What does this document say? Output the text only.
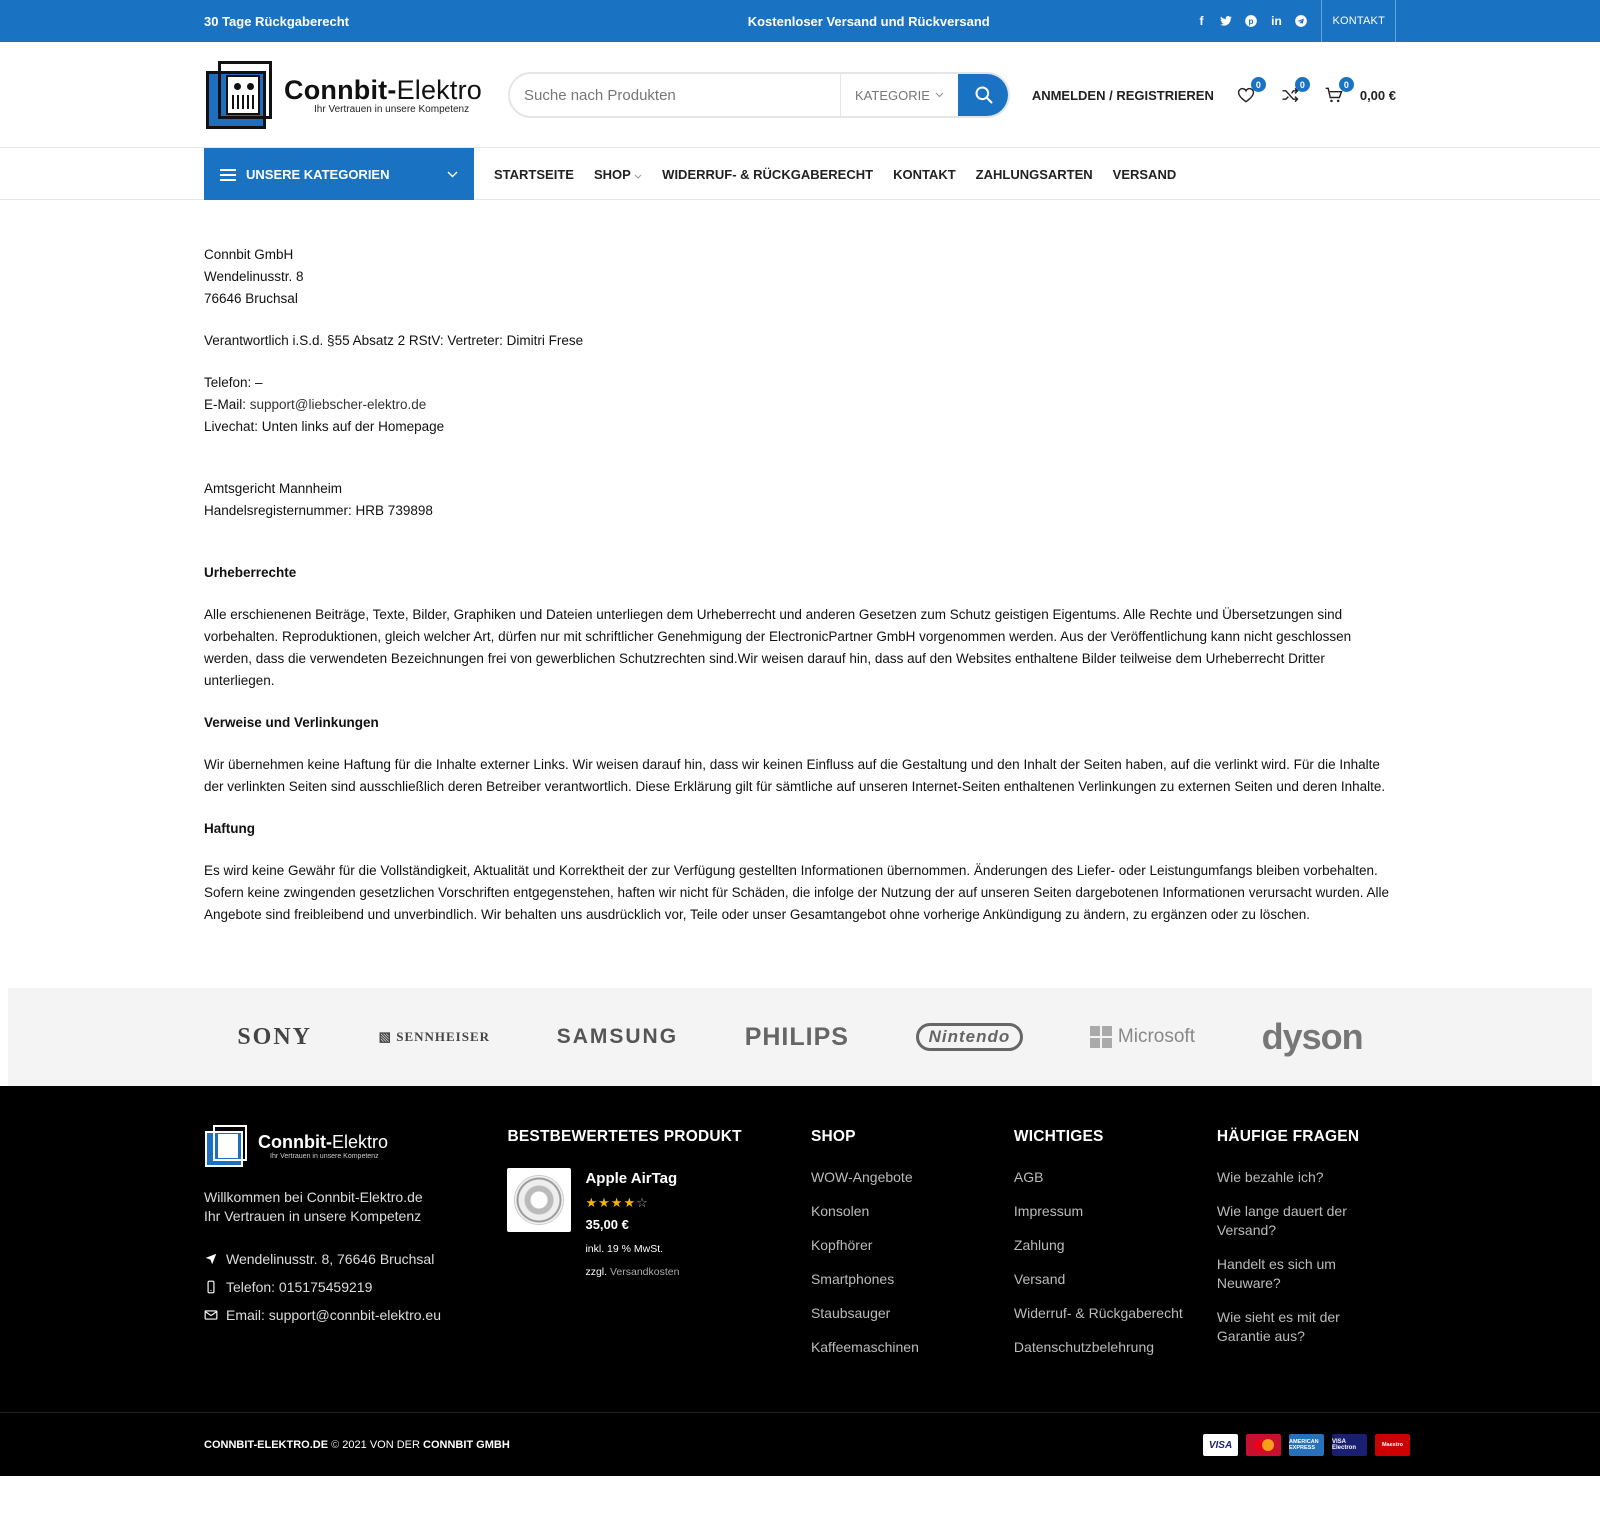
30 Tage Rückgaberecht	Kostenloser Versand und Rückversand	f	p in	KONTAKT
Connbit-Elektro
Ihr Vertrauen in unsere Kompetenz
Suche nach Produkten
KATEGORIE	ANMELDEN / REGISTRIEREN
0	0	0
0,00 €
UNSERE KATEGORIEN	STARTSEITE SHOP	WIDERRUF- & RÜCKGABERECHT KONTAKT ZAHLUNGSARTEN VERSAND

Connbit GmbH
Wendelinusstr. 8
76646 Bruchsal

Verantwortlich i.S.d. §55 Absatz 2 RStV: Vertreter: Dimitri Frese

Telefon: –
E-Mail: support@liebscher-elektro.de
Livechat: Unten links auf der Homepage

Amtsgericht Mannheim
Handelsregisternummer: HRB 739898

Urheberrechte

Alle erschienenen Beiträge, Texte, Bilder, Graphiken und Dateien unterliegen dem Urheberrecht und anderen Gesetzen zum Schutz geistigen Eigentums. Alle Rechte und Übersetzungen sind vorbehalten. Reproduktionen, gleich welcher Art, dürfen nur mit schriftlicher Genehmigung der ElectronicPartner GmbH vorgenommen werden. Aus der Veröffentlichung kann nicht geschlossen werden, dass die verwendeten Bezeichnungen frei von gewerblichen Schutzrechten sind.Wir weisen darauf hin, dass auf den Websites enthaltene Bilder teilweise dem Urheberrecht Dritter unterliegen.

Verweise und Verlinkungen

Wir übernehmen keine Haftung für die Inhalte externer Links. Wir weisen darauf hin, dass wir keinen Einfluss auf die Gestaltung und den Inhalt der Seiten haben, auf die verlinkt wird. Für die Inhalte der verlinkten Seiten sind ausschließlich deren Betreiber verantwortlich. Diese Erklärung gilt für sämtliche auf unseren Internet-Seiten enthaltenen Verlinkungen zu externen Seiten und deren Inhalte.

Haftung

Es wird keine Gewähr für die Vollständigkeit, Aktualität und Korrektheit der zur Verfügung gestellten Informationen übernommen. Änderungen des Liefer- oder Leistungumfangs bleiben vorbehalten. Sofern keine zwingenden gesetzlichen Vorschriften entgegenstehen, haften wir nicht für Schäden, die infolge der Nutzung der auf unseren Seiten dargebotenen Informationen verursacht wurden. Alle Angebote sind freibleibend und unverbindlich. Wir behalten uns ausdrücklich vor, Teile oder unser Gesamtangebot ohne vorherige Ankündigung zu ändern, zu ergänzen oder zu löschen.

SONY	▧ SENNHEISER	SAMSUNG	PHILIPS	Nintendo	Microsoft dyson
Connbit-Elektro
Ihr Vertrauen in unsere Kompetenz
Willkommen bei Connbit-Elektro.de
Ihr Vertrauen in unsere Kompetenz
Wendelinusstr. 8, 76646 Bruchsal
Telefon: 015175459219
Email: support@connbit-elektro.eu
BESTBEWERTETES PRODUKT
Apple AirTag
★★★★☆
35,00 €
inkl. 19 % MwSt.
zzgl. Versandkosten
SHOP
WOW-Angebote
Konsolen
Kopfhörer
Smartphones
Staubsauger
Kaffeemaschinen
WICHTIGES
AGB
Impressum
Zahlung
Versand
Widerruf- & Rückgaberecht
Datenschutzbelehrung
HÄUFIGE FRAGEN
Wie bezahle ich?
Wie lange dauert der Versand?
Handelt es sich um Neuware?
Wie sieht es mit der Garantie aus?
CONNBIT-ELEKTRO.DE © 2021 VON DER CONNBIT GMBH	VISA	AMERICAN EXPRESS
VISA Electron	Maestro
